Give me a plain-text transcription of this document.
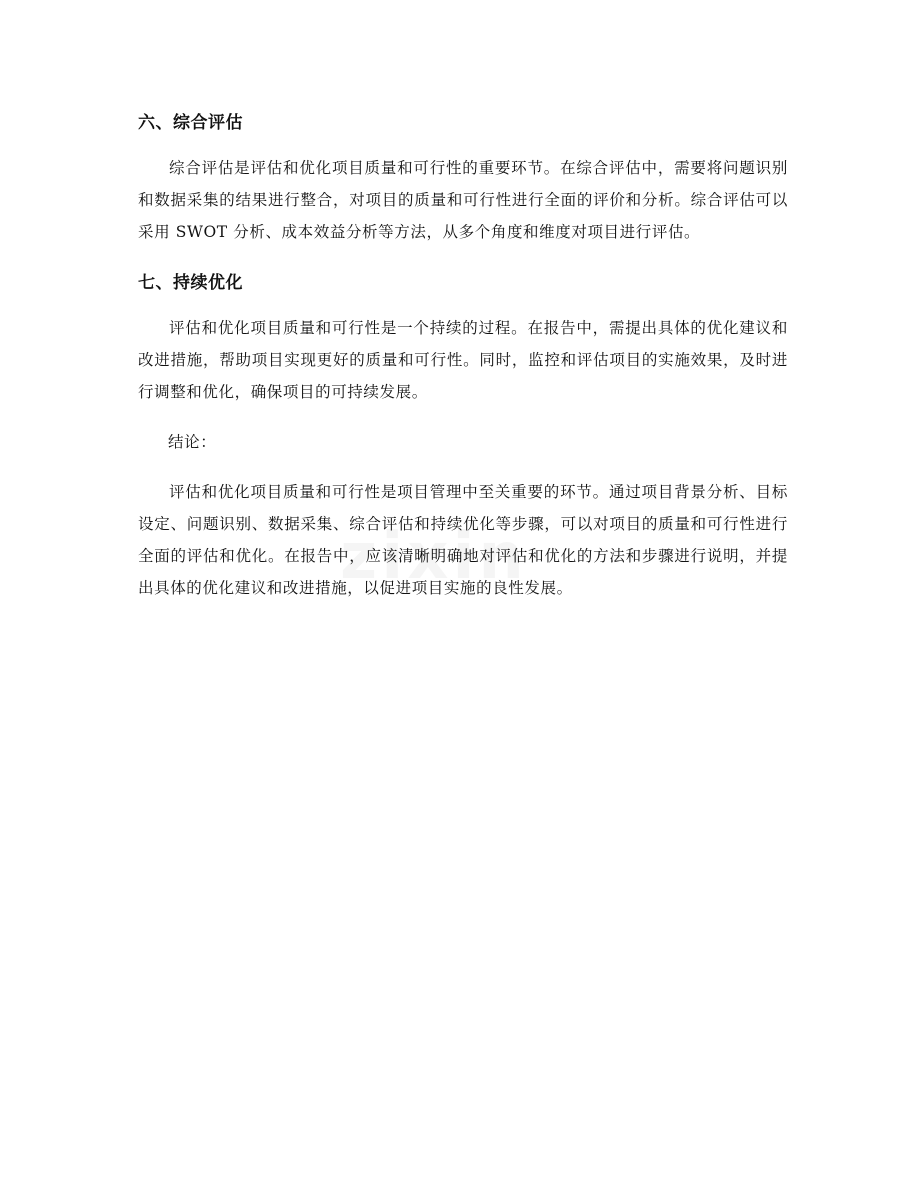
六、综合评估

综合评估是评估和优化项目质量和可行性的重要环节。在综合评估中，需要将问题识别和数据采集的结果进行整合，对项目的质量和可行性进行全面的评价和分析。综合评估可以采用 SWOT 分析、成本效益分析等方法，从多个角度和维度对项目进行评估。

七、持续优化

评估和优化项目质量和可行性是一个持续的过程。在报告中，需提出具体的优化建议和改进措施，帮助项目实现更好的质量和可行性。同时，监控和评估项目的实施效果，及时进行调整和优化，确保项目的可持续发展。

结论：

评估和优化项目质量和可行性是项目管理中至关重要的环节。通过项目背景分析、目标设定、问题识别、数据采集、综合评估和持续优化等步骤，可以对项目的质量和可行性进行全面的评估和优化。在报告中，应该清晰明确地对评估和优化的方法和步骤进行说明，并提出具体的优化建议和改进措施，以促进项目实施的良性发展。
